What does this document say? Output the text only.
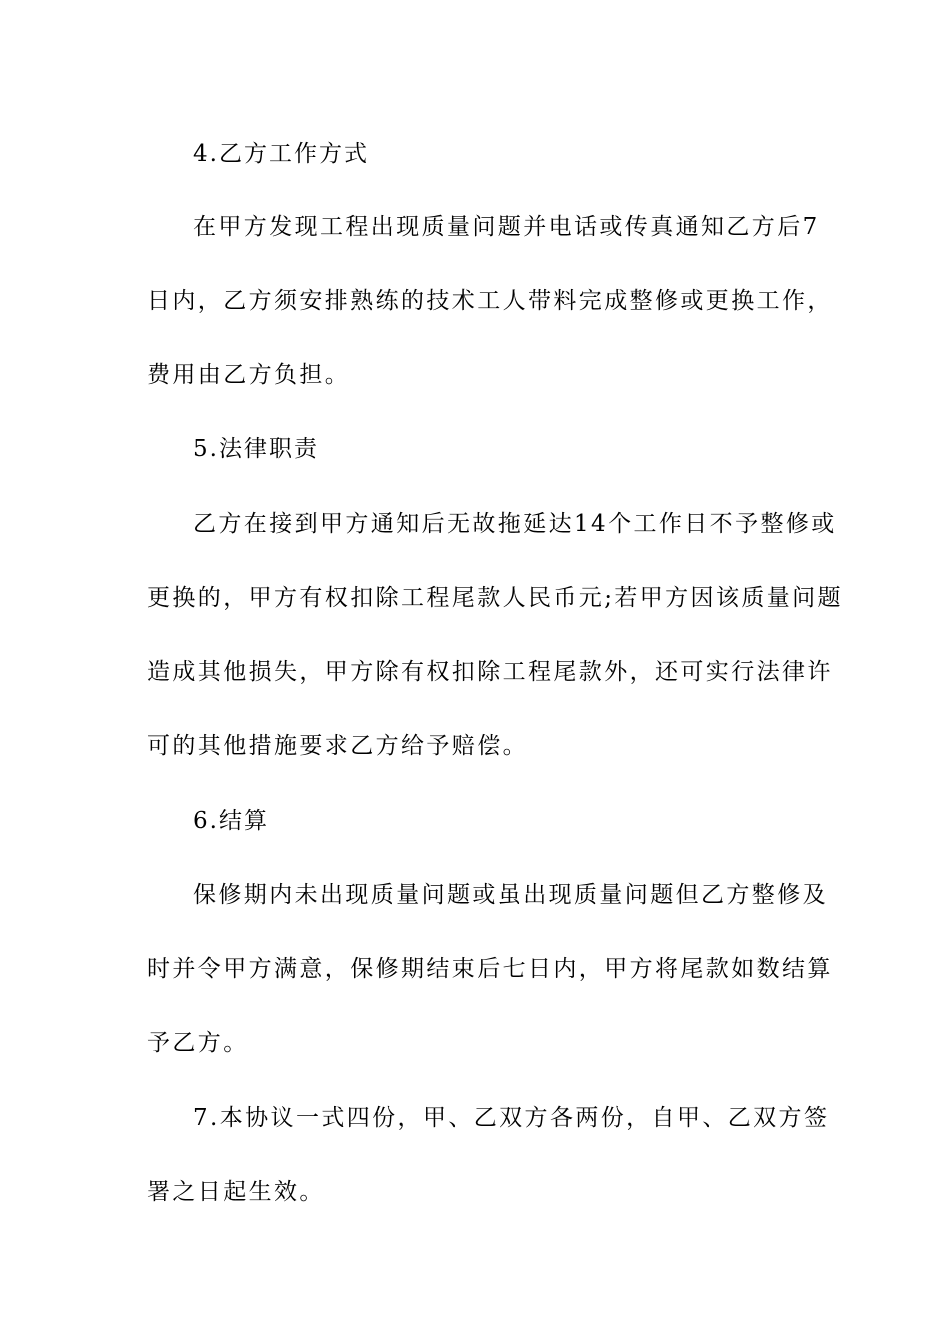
4.乙方工作方式
在甲方发现工程出现质量问题并电话或传真通知乙方后7
日内，乙方须安排熟练的技术工人带料完成整修或更换工作，
费用由乙方负担。
5.法律职责
乙方在接到甲方通知后无故拖延达14个工作日不予整修或
更换的，甲方有权扣除工程尾款人民币元;若甲方因该质量问题
造成其他损失，甲方除有权扣除工程尾款外，还可实行法律许
可的其他措施要求乙方给予赔偿。
6.结算
保修期内未出现质量问题或虽出现质量问题但乙方整修及
时并令甲方满意，保修期结束后七日内，甲方将尾款如数结算
予乙方。
7.本协议一式四份，甲、乙双方各两份，自甲、乙双方签
署之日起生效。
